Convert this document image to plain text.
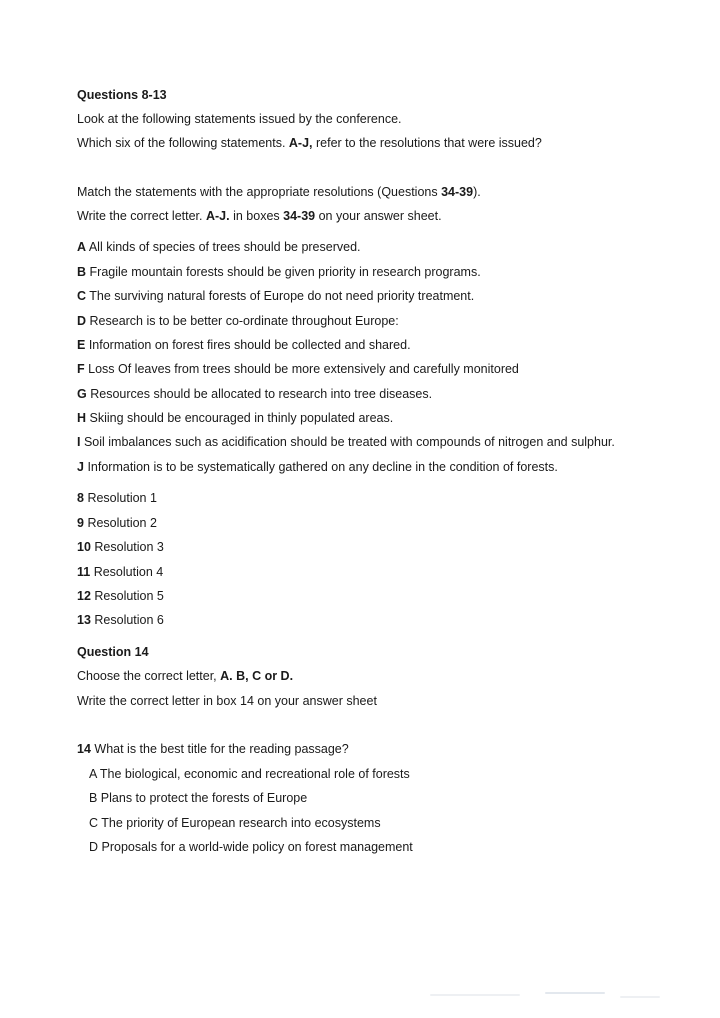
Questions 8-13
Look at the following statements issued by the conference.
Which six of the following statements. A-J, refer to the resolutions that were issued?
Match the statements with the appropriate resolutions (Questions 34-39).
Write the correct letter. A-J. in boxes 34-39 on your answer sheet.
A All kinds of species of trees should be preserved.
B Fragile mountain forests should be given priority in research programs.
C The surviving natural forests of Europe do not need priority treatment.
D Research is to be better co-ordinate throughout Europe:
E Information on forest fires should be collected and shared.
F Loss Of leaves from trees should be more extensively and carefully monitored
G Resources should be allocated to research into tree diseases.
H Skiing should be encouraged in thinly populated areas.
I Soil imbalances such as acidification should be treated with compounds of nitrogen and sulphur.
J Information is to be systematically gathered on any decline in the condition of forests.
8 Resolution 1
9 Resolution 2
10 Resolution 3
11 Resolution 4
12 Resolution 5
13 Resolution 6
Question 14
Choose the correct letter, A. B, C or D.
Write the correct letter in box 14 on your answer sheet
14 What is the best title for the reading passage?
A The biological, economic and recreational role of forests
B Plans to protect the forests of Europe
C The priority of European research into ecosystems
D Proposals for a world-wide policy on forest management
